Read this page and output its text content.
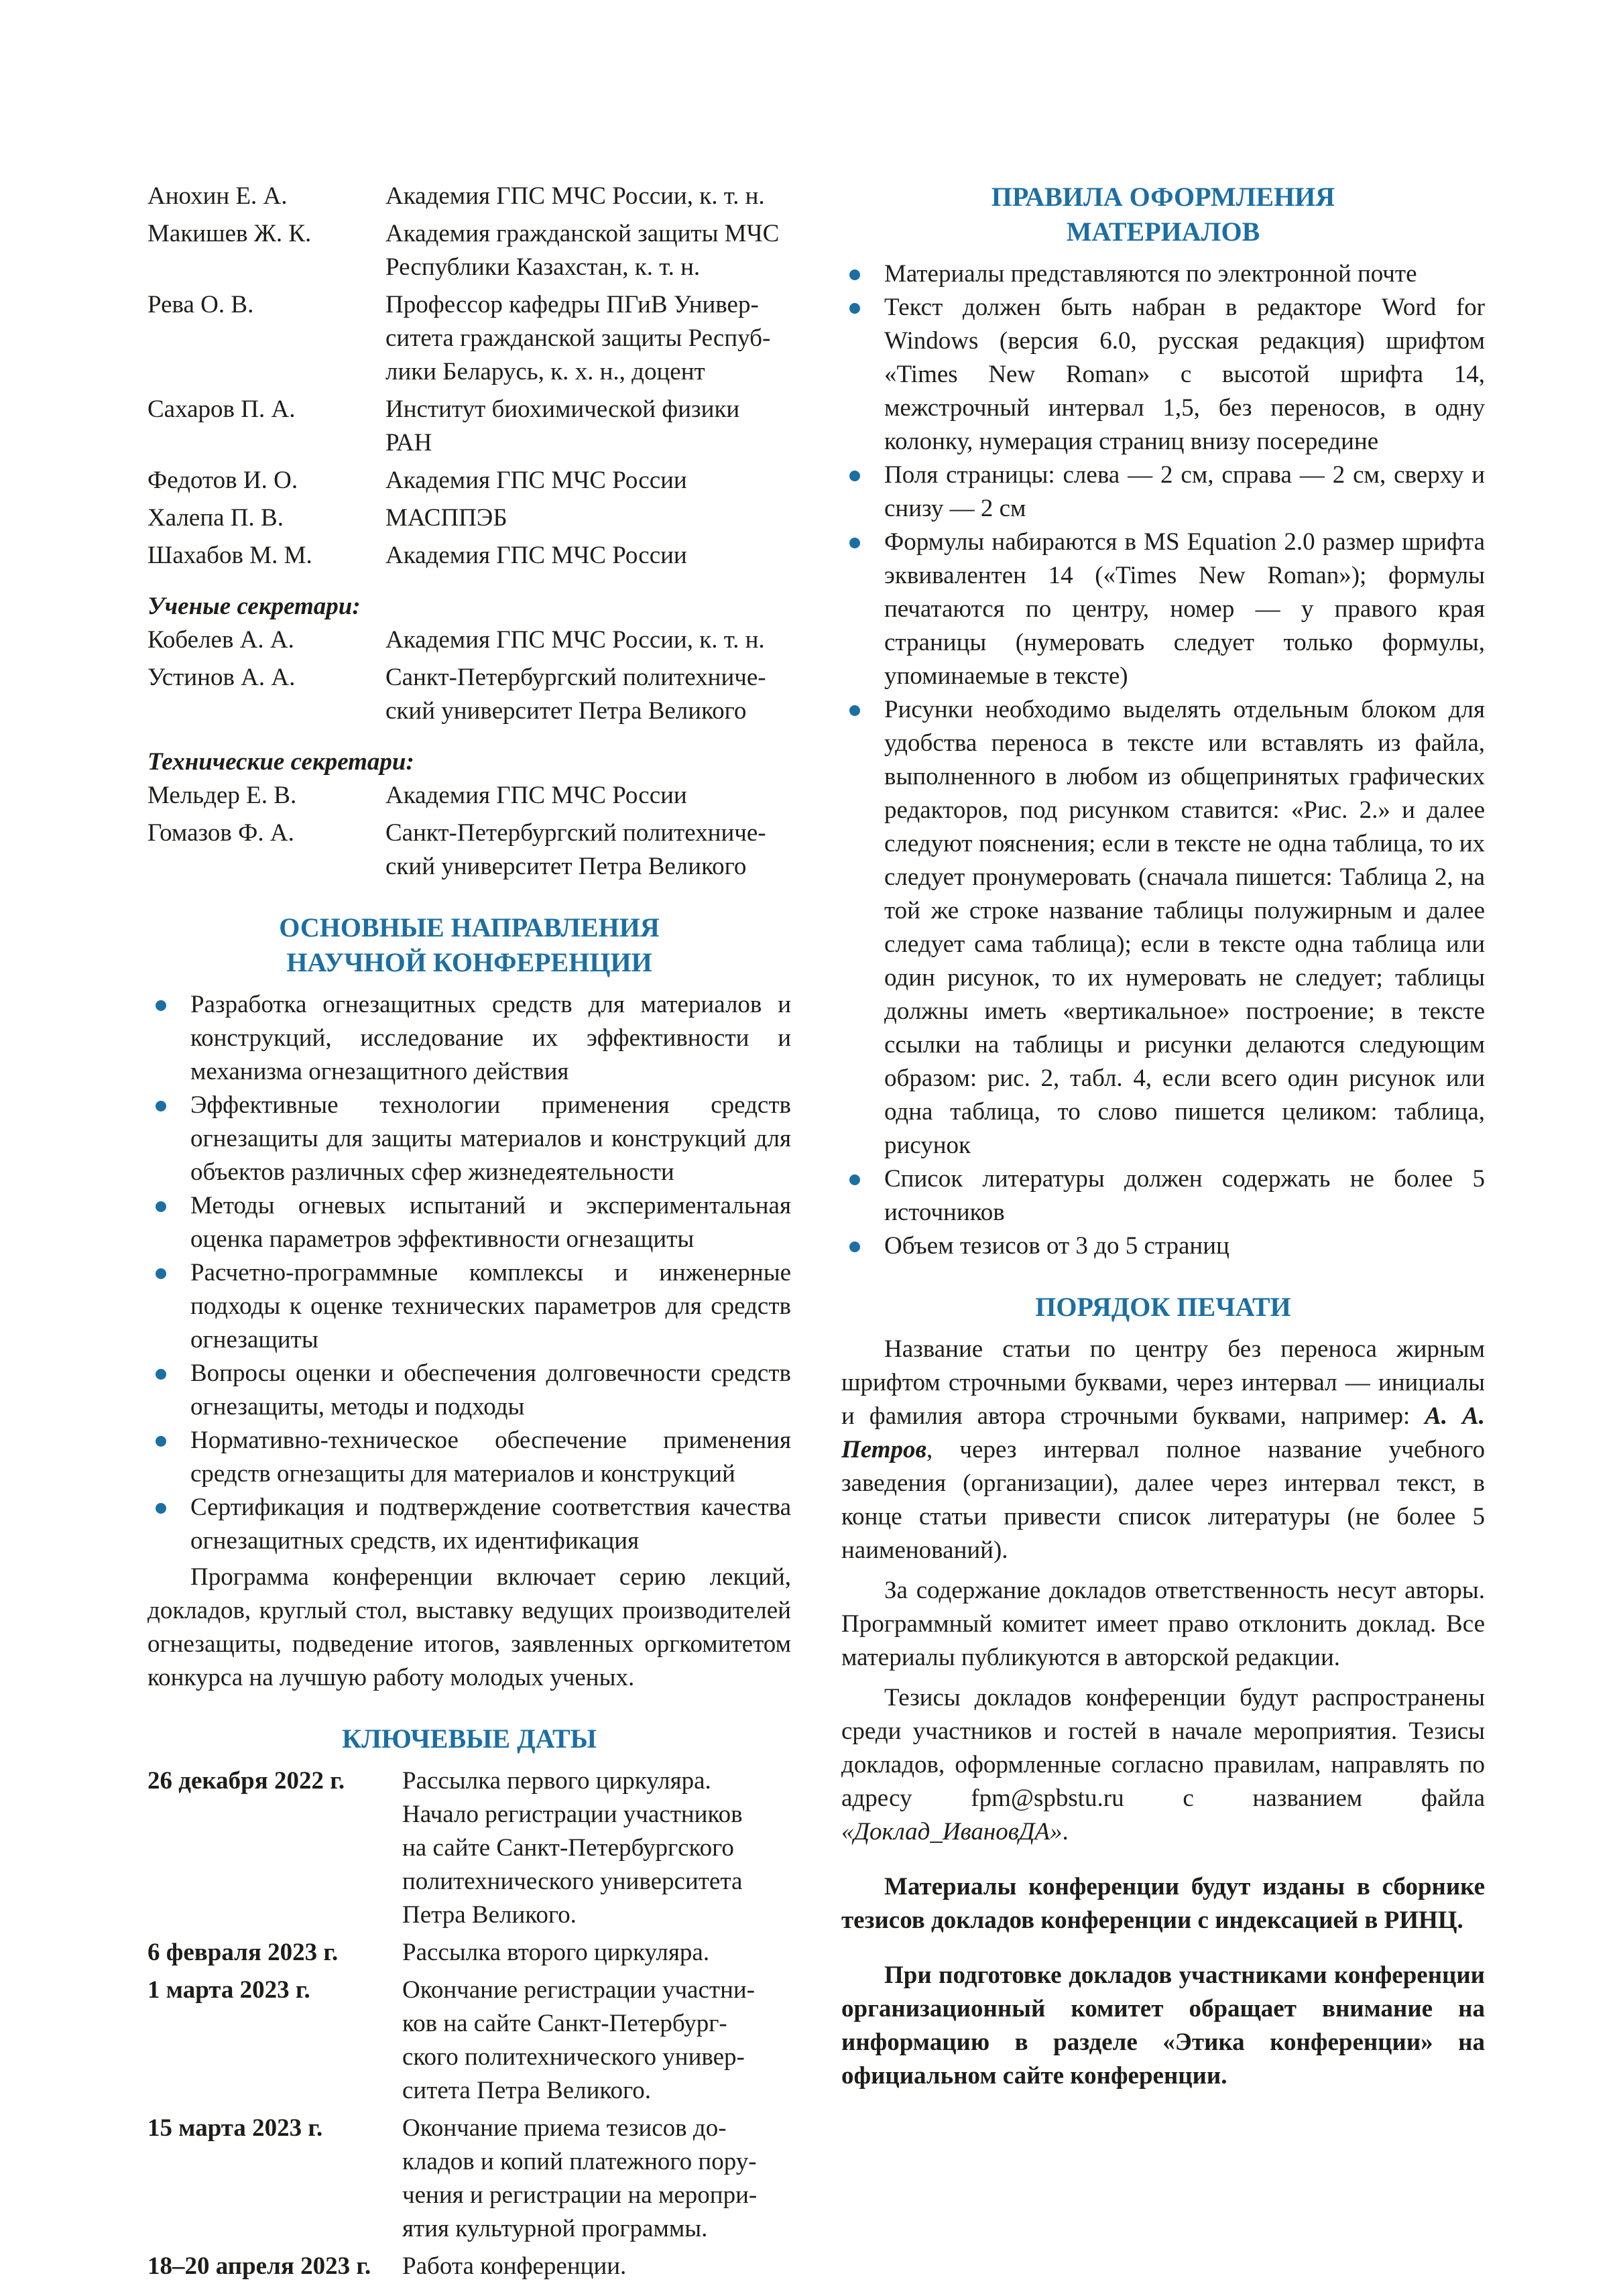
Анохин Е. А.	Академия ГПС МЧС России, к. т. н.
Макишев Ж. К.	Академия гражданской защиты МЧС
Республики Казахстан, к. т. н.
Рева О. В.	Профессор кафедры ПГиВ Универ-
ситета гражданской защиты Респуб-
лики Беларусь, к. х. н., доцент
Сахаров П. А.	Институт биохимической физики РАН
Федотов И. О.	Академия ГПС МЧС России
Халепа П. В.	МАСППЭБ
Шахабов М. М.	Академия ГПС МЧС России
Ученые секретари:
Кобелев А. А.	Академия ГПС МЧС России, к. т. н.
Устинов А. А.	Санкт-Петербургский политехниче-
ский университет Петра Великого
Технические секретари:
Мельдер Е. В.	Академия ГПС МЧС России
Гомазов Ф. А.	Санкт-Петербургский политехниче-
ский университет Петра Великого
ОСНОВНЫЕ НАПРАВЛЕНИЯ
НАУЧНОЙ КОНФЕРЕНЦИИ
Разработка огнезащитных средств для материалов и конструкций, исследование их эффективности и механизма огнезащитного действия
Эффективные технологии применения средств огнезащиты для защиты материалов и конструкций для объектов различных сфер жизнедеятельности
Методы огневых испытаний и экспериментальная оценка параметров эффективности огнезащиты
Расчетно-программные комплексы и инженерные подходы к оценке технических параметров для средств огнезащиты
Вопросы оценки и обеспечения долговечности средств огнезащиты, методы и подходы
Нормативно-техническое обеспечение применения средств огнезащиты для материалов и конструкций
Сертификация и подтверждение соответствия качества огнезащитных средств, их идентификация
Программа конференции включает серию лекций, докладов, круглый стол, выставку ведущих производителей огнезащиты, подведение итогов, заявленных оргкомитетом конкурса на лучшую работу молодых ученых.
КЛЮЧЕВЫЕ ДАТЫ
26 декабря 2022 г.	Рассылка первого циркуляра.
Начало регистрации участников
на сайте Санкт-Петербургского
политехнического университета
Петра Великого.
6 февраля 2023 г.	Рассылка второго циркуляра.
1 марта 2023 г.	Окончание регистрации участни-
ков на сайте Санкт-Петербург-
ского политехнического универ-
ситета Петра Великого.
15 марта 2023 г.	Окончание приема тезисов до-
кладов и копий платежного пору-
чения и регистрации на меропри-
ятия культурной программы.
18–20 апреля 2023 г.	Работа конференции.
ПРАВИЛА ОФОРМЛЕНИЯ
МАТЕРИАЛОВ
Материалы представляются по электронной почте
Текст должен быть набран в редакторе Word for Windows (версия 6.0, русская редакция) шрифтом «Times New Roman» с высотой шрифта 14, межстрочный интервал 1,5, без переносов, в одну колонку, нумерация страниц внизу посередине
Поля страницы: слева — 2 см, справа — 2 см, сверху и снизу — 2 см
Формулы набираются в MS Equation 2.0 размер шрифта эквивалентен 14 («Times New Roman»); формулы печатаются по центру, номер — у правого края страницы (нумеровать следует только формулы, упоминаемые в тексте)
Рисунки необходимо выделять отдельным блоком для удобства переноса в тексте или вставлять из файла, выполненного в любом из общепринятых графических редакторов, под рисунком ставится: «Рис. 2.» и далее следуют пояснения; если в тексте не одна таблица, то их следует пронумеровать (сначала пишется: Таблица 2, на той же строке название таблицы полужирным и далее следует сама таблица); если в тексте одна таблица или один рисунок, то их нумеровать не следует; таблицы должны иметь «вертикальное» построение; в тексте ссылки на таблицы и рисунки делаются следующим образом: рис. 2, табл. 4, если всего один рисунок или одна таблица, то слово пишется целиком: таблица, рисунок
Список литературы должен содержать не более 5 источников
Объем тезисов от 3 до 5 страниц
ПОРЯДОК ПЕЧАТИ
Название статьи по центру без переноса жирным шрифтом строчными буквами, через интервал — инициалы и фамилия автора строчными буквами, например: А. А. Петров, через интервал полное название учебного заведения (организации), далее через интервал текст, в конце статьи привести список литературы (не более 5 наименований).
За содержание докладов ответственность несут авторы. Программный комитет имеет право отклонить доклад. Все материалы публикуются в авторской редакции.
Тезисы докладов конференции будут распространены среди участников и гостей в начале мероприятия. Тезисы докладов, оформленные согласно правилам, направлять по адресу fpm@spbstu.ru с названием файла «Доклад_ИвановДА».
Материалы конференции будут изданы в сборнике тезисов докладов конференции с индексацией в РИНЦ.
При подготовке докладов участниками конференции организационный комитет обращает внимание на информацию в разделе «Этика конференции» на официальном сайте конференции.
